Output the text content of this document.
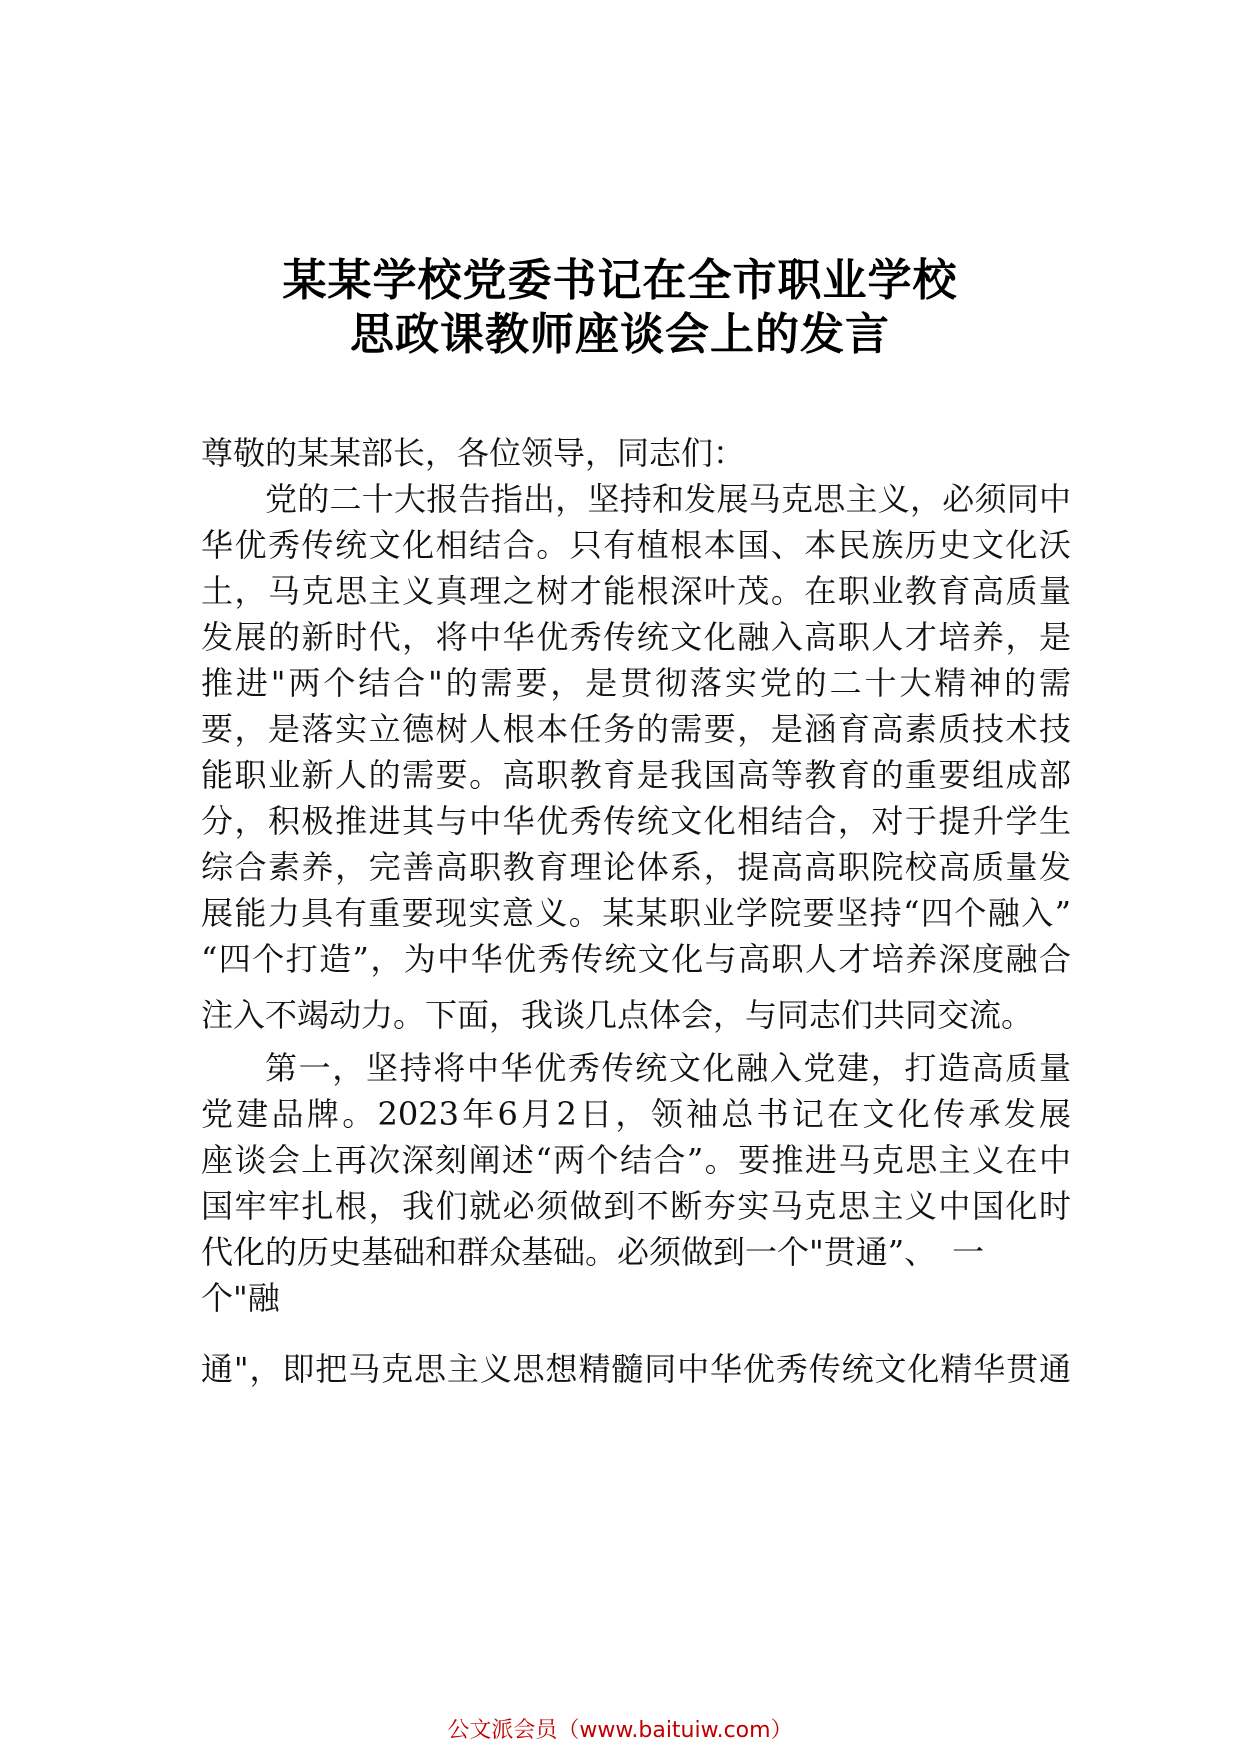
某某学校党委书记在全市职业学校
思政课教师座谈会上的发言
尊敬的某某部长，各位领导，同志们：
党的二十大报告指出，坚持和发展马克思主义，必须同中
华优秀传统文化相结合。只有植根本国、本民族历史文化沃
土，马克思主义真理之树才能根深叶茂。在职业教育高质量
发展的新时代，将中华优秀传统文化融入高职人才培养，是
推进"两个结合"的需要，是贯彻落实党的二十大精神的需
要，是落实立德树人根本任务的需要，是涵育高素质技术技
能职业新人的需要。高职教育是我国高等教育的重要组成部
分，积极推进其与中华优秀传统文化相结合，对于提升学生
综合素养，完善高职教育理论体系，提高高职院校高质量发
展能力具有重要现实意义。某某职业学院要坚持“四个融入”
“四个打造”，为中华优秀传统文化与高职人才培养深度融合
注入不竭动力。下面，我谈几点体会，与同志们共同交流。
第一，坚持将中华优秀传统文化融入党建，打造高质量
党建品牌。2023年6月2日，领袖总书记在文化传承发展
座谈会上再次深刻阐述“两个结合”。要推进马克思主义在中
国牢牢扎根，我们就必须做到不断夯实马克思主义中国化时
代化的历史基础和群众基础。必须做到一个"贯通”、　一
个"融
通"，即把马克思主义思想精髓同中华优秀传统文化精华贯通
公文派会员（www.baituiw.com）
